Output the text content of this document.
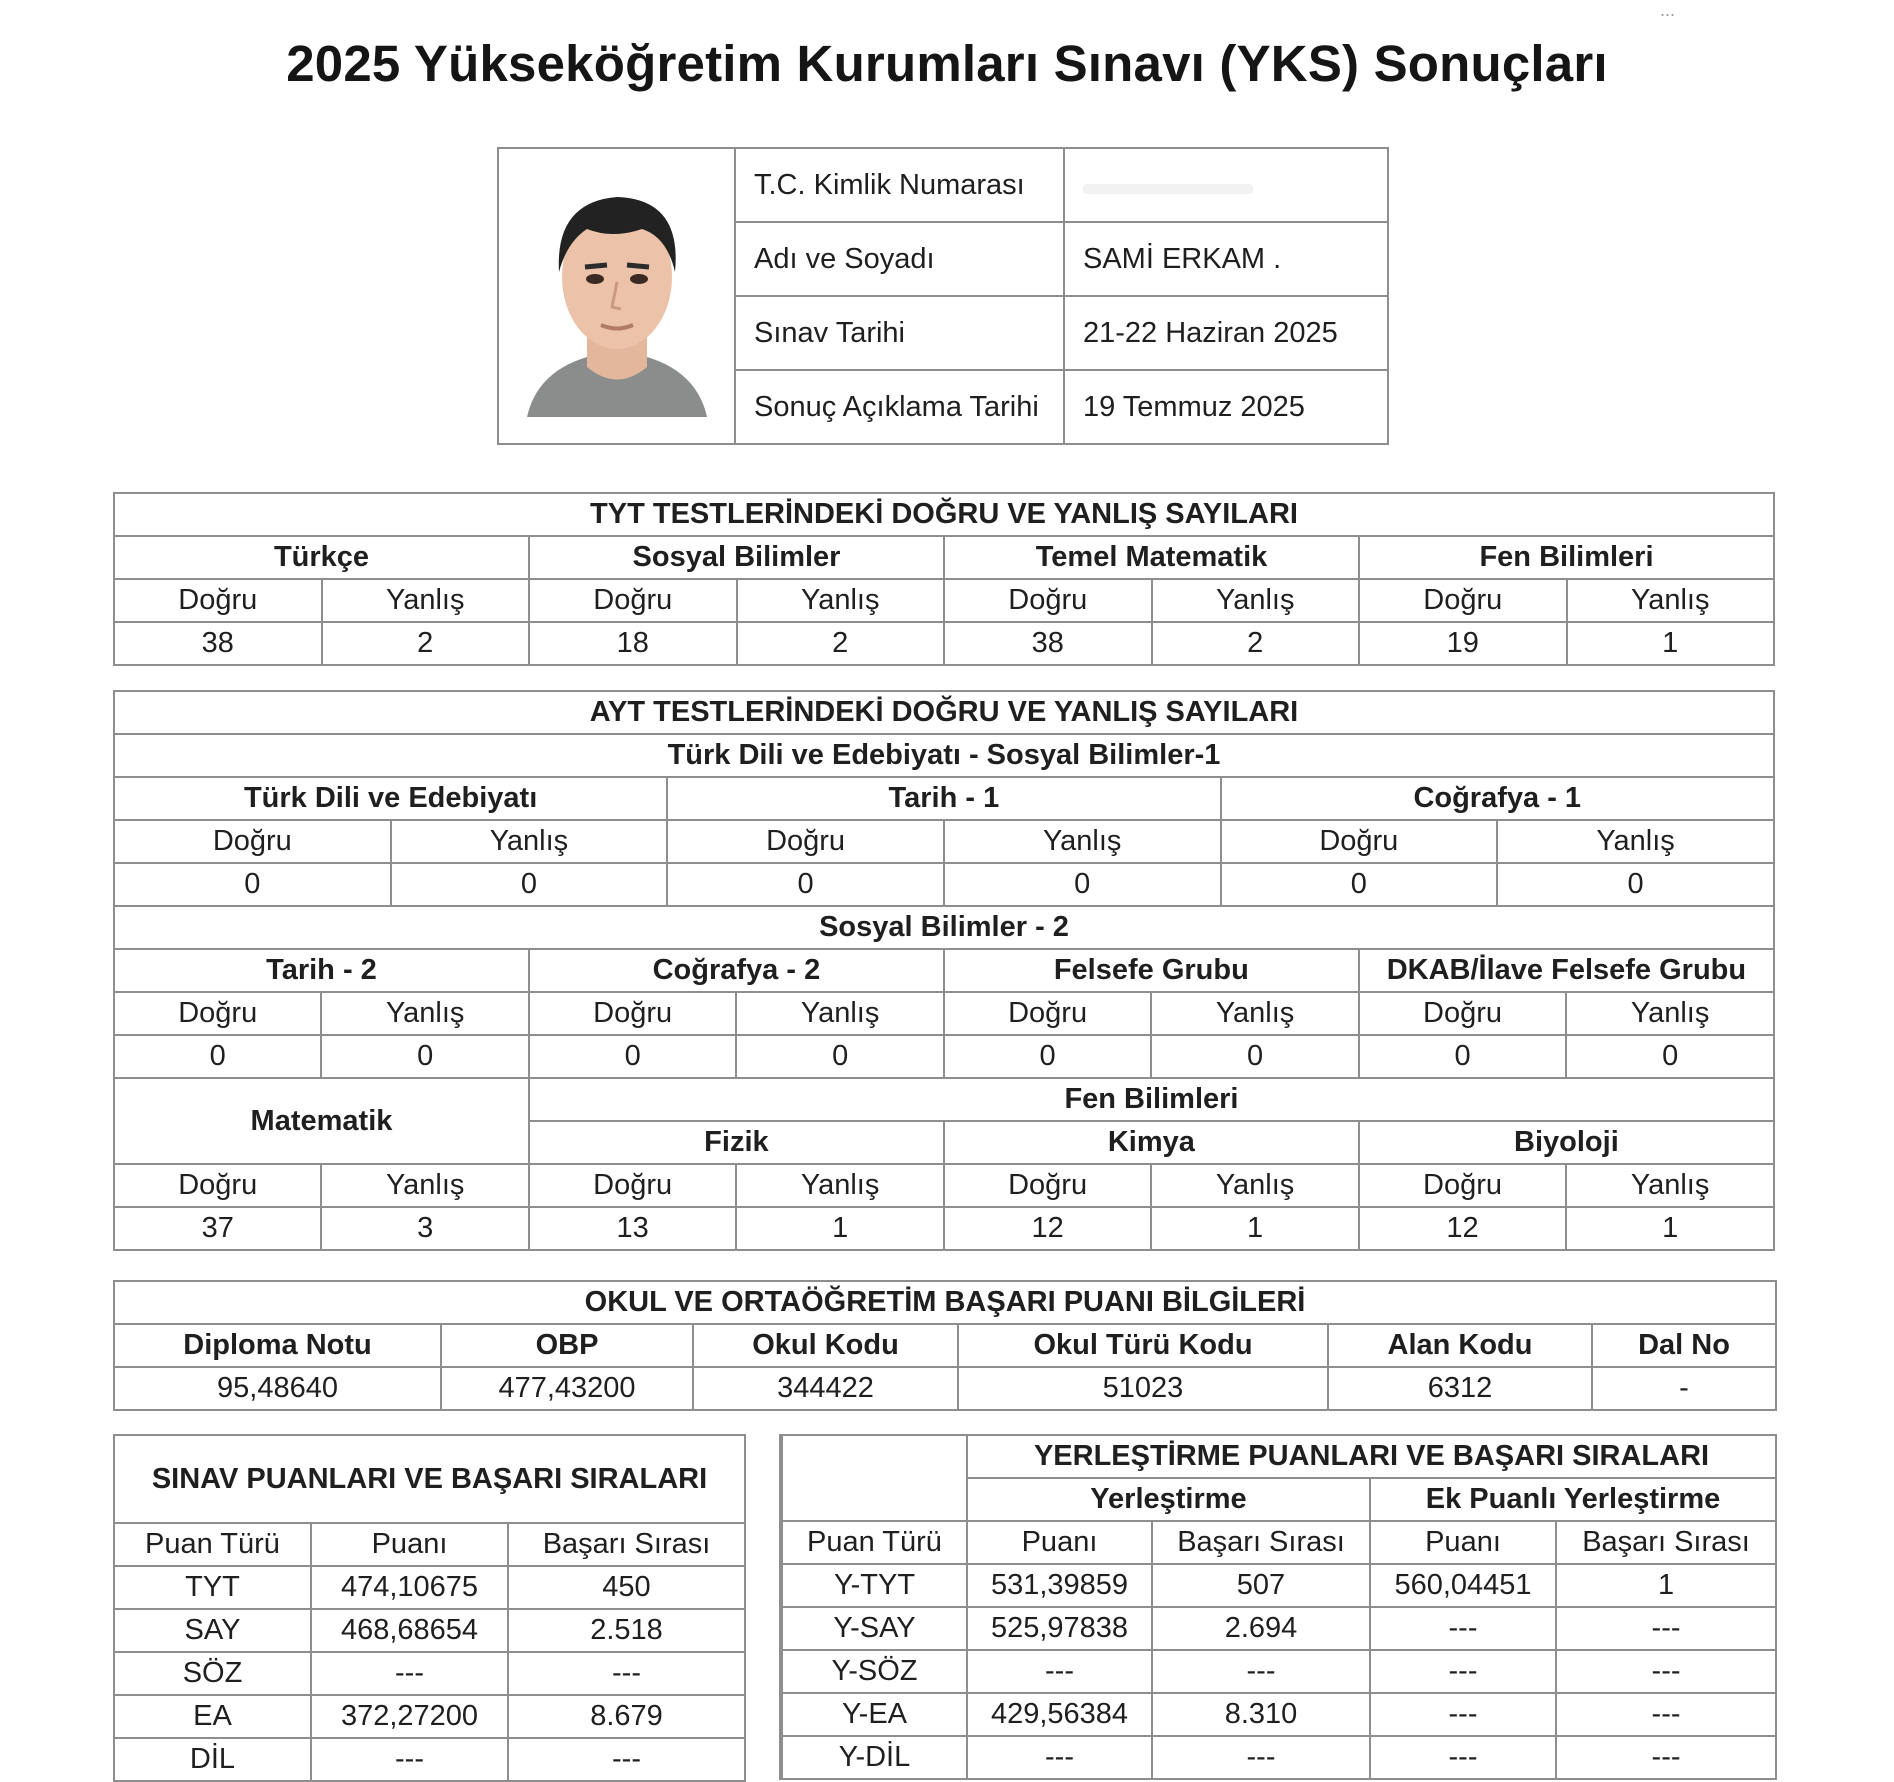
...
2025 Yükseköğretim Kurumları Sınavı (YKS) Sonuçları
	T.C. Kimlik Numarası	
	Adı ve Soyadı	SAMİ ERKAM .
	Sınav Tarihi	21-22 Haziran 2025
	Sonuç Açıklama Tarihi	19 Temmuz 2025
TYT TESTLERİNDEKİ DOĞRU VE YANLIŞ SAYILARI							
Türkçe		Sosyal Bilimler		Temel Matematik		Fen Bilimleri	
Doğru	Yanlış	Doğru	Yanlış	Doğru	Yanlış	Doğru	Yanlış
38	2	18	2	38	2	19	1
AYT TESTLERİNDEKİ DOĞRU VE YANLIŞ SAYILARI											
Türk Dili ve Edebiyatı - Sosyal Bilimler-1											
Türk Dili ve Edebiyatı				Tarih - 1				Coğrafya - 1			
Doğru		Yanlış		Doğru		Yanlış		Doğru		Yanlış	
0		0		0		0		0		0	
Sosyal Bilimler - 2											
Tarih - 2			Coğrafya - 2			Felsefe Grubu			DKAB/İlave Felsefe Grubu		
Doğru	Yanlış		Doğru		Yanlış	Doğru	Yanlış		Doğru		Yanlış
0	0		0		0	0	0		0		0
Matematik			Fen Bilimleri								
			Fizik			Kimya			Biyoloji		
Doğru	Yanlış		Doğru		Yanlış	Doğru	Yanlış		Doğru		Yanlış
37	3		13		1	12	1		12		1
OKUL VE ORTAÖĞRETİM BAŞARI PUANI BİLGİLERİ					
Diploma Notu	OBP	Okul Kodu	Okul Türü Kodu	Alan Kodu	Dal No
95,48640	477,43200	344422	51023	6312	-
SINAV PUANLARI VE BAŞARI SIRALARI		

Puan Türü	Puanı	Başarı Sırası
TYT	474,10675	450
SAY	468,68654	2.518
SÖZ	---	---
EA	372,27200	8.679
DİL	---	---
	YERLEŞTİRME PUANLARI VE BAŞARI SIRALARI			
	Yerleştirme		Ek Puanlı Yerleştirme	
Puan Türü	Puanı	Başarı Sırası	Puanı	Başarı Sırası
Y-TYT	531,39859	507	560,04451	1
Y-SAY	525,97838	2.694	---	---
Y-SÖZ	---	---	---	---
Y-EA	429,56384	8.310	---	---
Y-DİL	---	---	---	---
